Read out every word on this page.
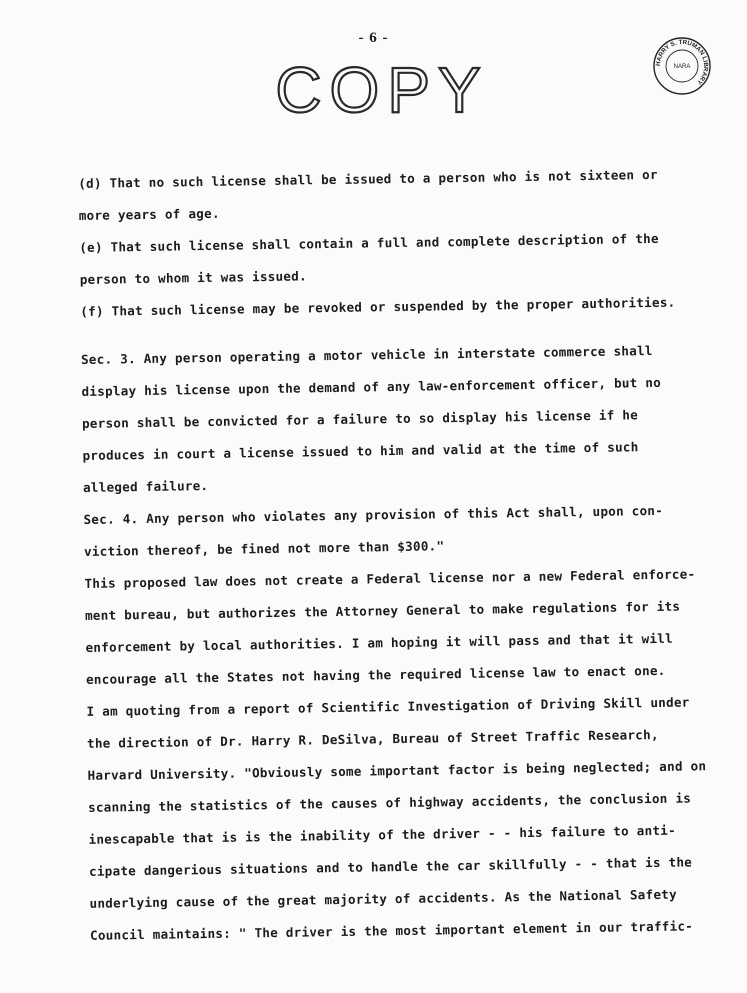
- 6 -
COPY	HARRY S. TRUMAN LIBRARY
NARA
(d) That no such license shall be issued to a person who is not sixteen or
more years of age.
(e) That such license shall contain a full and complete description of the
person to whom it was issued.
(f) That such license may be revoked or suspended by the proper authorities.
Sec. 3. Any person operating a motor vehicle in interstate commerce shall
display his license upon the demand of any law-enforcement officer, but no
person shall be convicted for a failure to so display his license if he
produces in court a license issued to him and valid at the time of such
alleged failure.
Sec. 4. Any person who violates any provision of this Act shall, upon con-
viction thereof, be fined not more than $300."
This proposed law does not create a Federal license nor a new Federal enforce-
ment bureau, but authorizes the Attorney General to make regulations for its
enforcement by local authorities. I am hoping it will pass and that it will
encourage all the States not having the required license law to enact one.
I am quoting from a report of Scientific Investigation of Driving Skill under
the direction of Dr. Harry R. DeSilva, Bureau of Street Traffic Research,
Harvard University. "Obviously some important factor is being neglected; and on
scanning the statistics of the causes of highway accidents, the conclusion is
inescapable that is is the inability of the driver - - his failure to anti-
cipate dangerious situations and to handle the car skillfully - - that is the
underlying cause of the great majority of accidents. As the National Safety
Council maintains: " The driver is the most important element in our traffic-
